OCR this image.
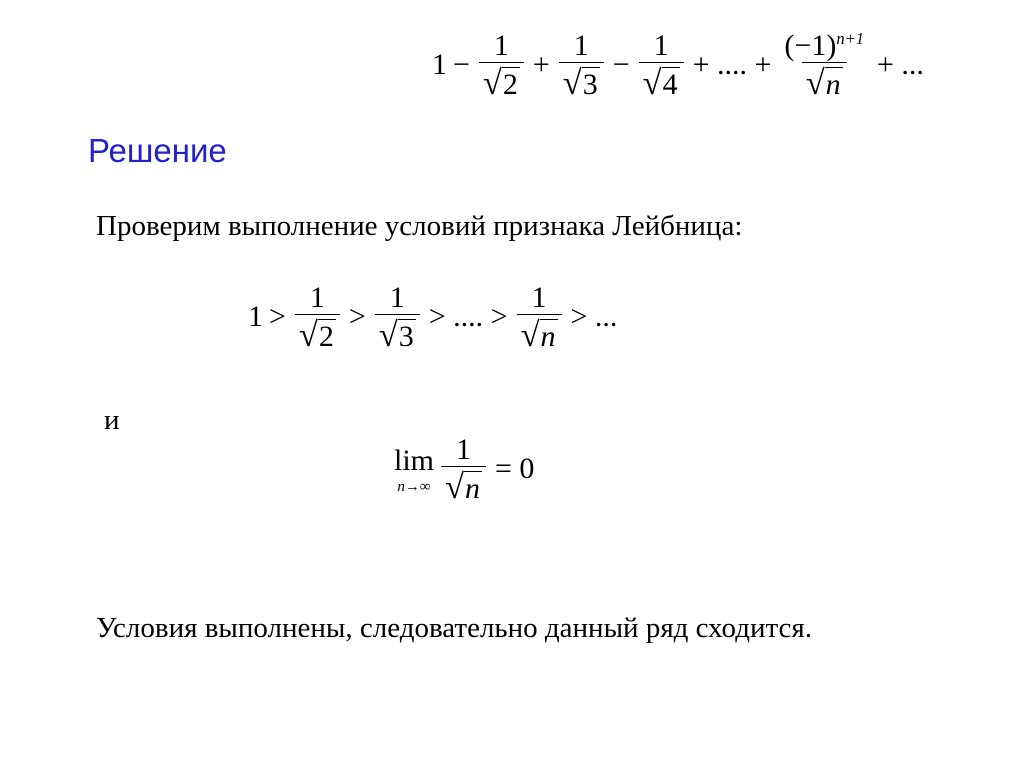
$1 - \frac{1}{√ 2} + \frac{1}{√ 3} - \frac{1}{√ 4}$ + .... + $\frac{(-1)^{n+1}}{√ n}$ + ...
Решение
Проверим выполнение условий признака Лейбница:
$1 > \frac{1}{√ 2} > \frac{1}{√ 3}$ > .... > $\frac{1}{√ n}$ > ...
и
lim
$n\to\infty \frac{1}{√ n} = 0$
Условия выполнены, следовательно данный ряд сходится.
